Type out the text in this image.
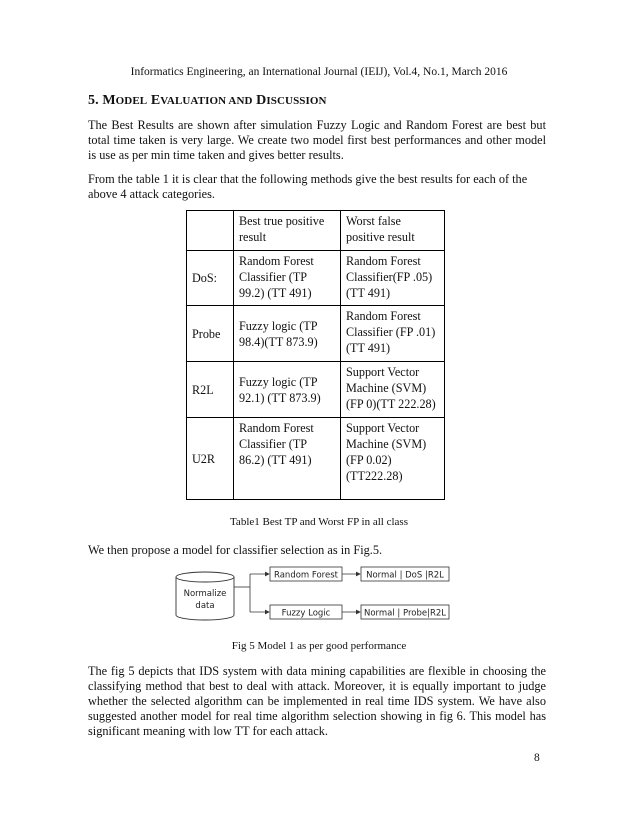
Informatics Engineering, an International Journal (IEIJ), Vol.4, No.1, March 2016
5. MODEL EVALUATION AND DISCUSSION
The Best Results are shown after simulation Fuzzy Logic and Random Forest are best but total time taken is very large. We create two model first best performances and other model is use as per min time taken and gives better results.
From the table 1 it is clear that the following methods give the best results for each of the above 4 attack categories.
	Best true positive result	Worst false positive result
DoS:	Random Forest Classifier (TP 99.2) (TT 491)	Random Forest Classifier(FP .05) (TT 491)
Probe	Fuzzy logic (TP 98.4)(TT 873.9)	Random Forest Classifier (FP .01) (TT 491)
R2L	Fuzzy logic (TP 92.1) (TT 873.9)	Support Vector Machine (SVM) (FP 0)(TT 222.28)
U2R	Random Forest Classifier (TP 86.2) (TT 491)	Support Vector Machine (SVM) (FP 0.02) (TT222.28)
Table1 Best TP and Worst FP in all class
We then propose a model for classifier selection as in Fig.5.
Normalize
data
Random Forest	Normal | DoS |R2L
Fuzzy Logic	Normal | Probe|R2L
Fig 5 Model 1 as per good performance
The fig 5 depicts that IDS system with data mining capabilities are flexible in choosing the classifying method that best to deal with attack. Moreover, it is equally important to judge whether the selected algorithm can be implemented in real time IDS system. We have also suggested another model for real time algorithm selection showing in fig 6. This model has significant meaning with low TT for each attack.
8
